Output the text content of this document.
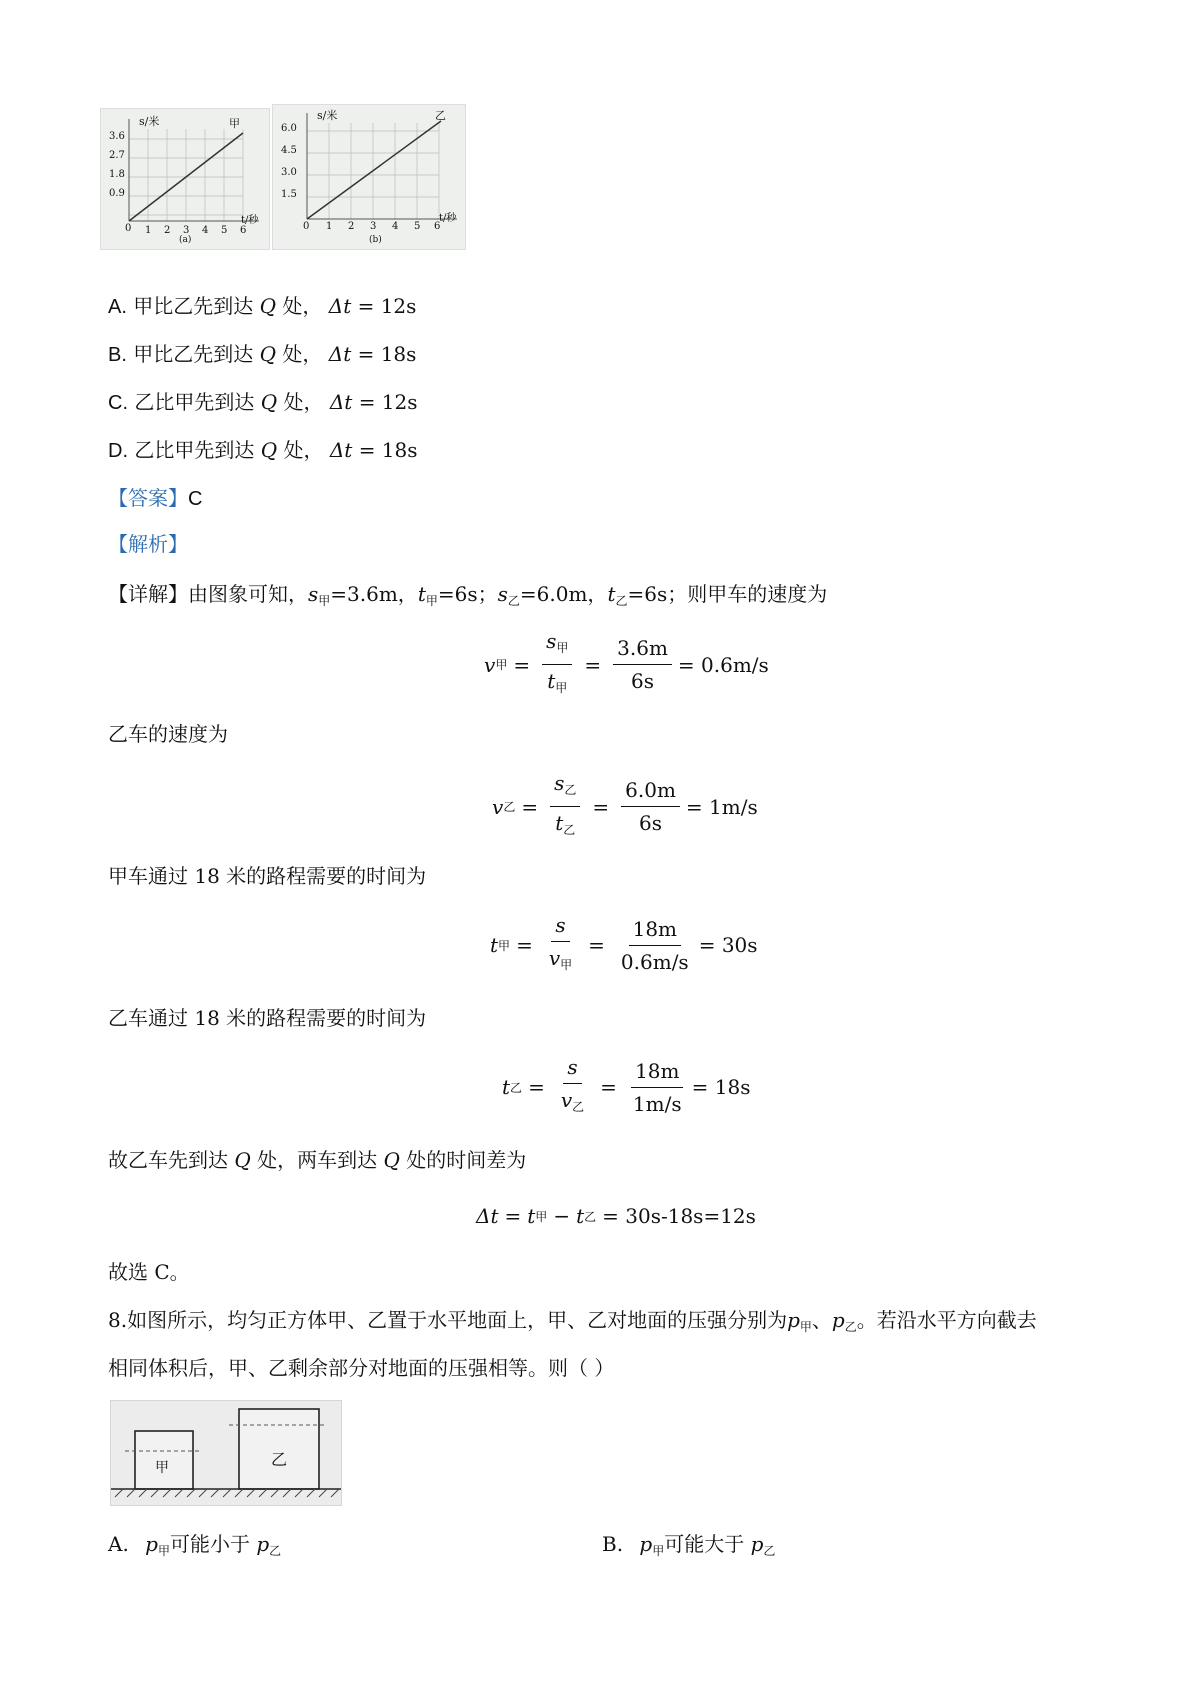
s/米	甲
3.6
2.7
1.8
0.9
0 1 2 3 4 5 6
t/秒
(a)
s/米	乙
6.0
4.5
3.0
1.5
0 1 2 3 4 5 6
t/秒
(b)
A. 甲比乙先到达 Q 处， Δt = 12s
B. 甲比乙先到达 Q 处， Δt = 18s
C. 乙比甲先到达 Q 处， Δt = 12s
D. 乙比甲先到达 Q 处， Δt = 18s
【答案】C
【解析】
【详解】由图象可知，$s_甲=3.6m$，$t_甲=6s$；$s_乙=6.0m$，$t_乙=6s$；则甲车的速度为
v 甲 = $\frac{s_甲}{t_甲} = \frac{3.6m}{6s} = 0.6m/s$
乙车的速度为
v 乙 = $\frac{s_乙}{t_乙} = \frac{6.0m}{6s} = 1m/s$
甲车通过 18 米的路程需要的时间为
t 甲 = $\frac{s}{v_甲} = \frac{18m}{0.6m/s} = 30s$
乙车通过 18 米的路程需要的时间为
t 乙 = $\frac{s}{v_乙} = \frac{18m}{1m/s} = 18s$
故乙车先到达 Q 处，两车到达 Q 处的时间差为
Δt = t 甲 − t 乙 = 30s-18s=12s
故选 C。
8.如图所示，均匀正方体甲、乙置于水平地面上，甲、乙对地面的压强分别为$p_甲$、$p_乙$。若沿水平方向截去
相同体积后，甲、乙剩余部分对地面的压强相等。则（ ）
甲	乙
A. $p_甲$可能小于 $p_乙$	B. $p_甲$可能大于 $p_乙$
